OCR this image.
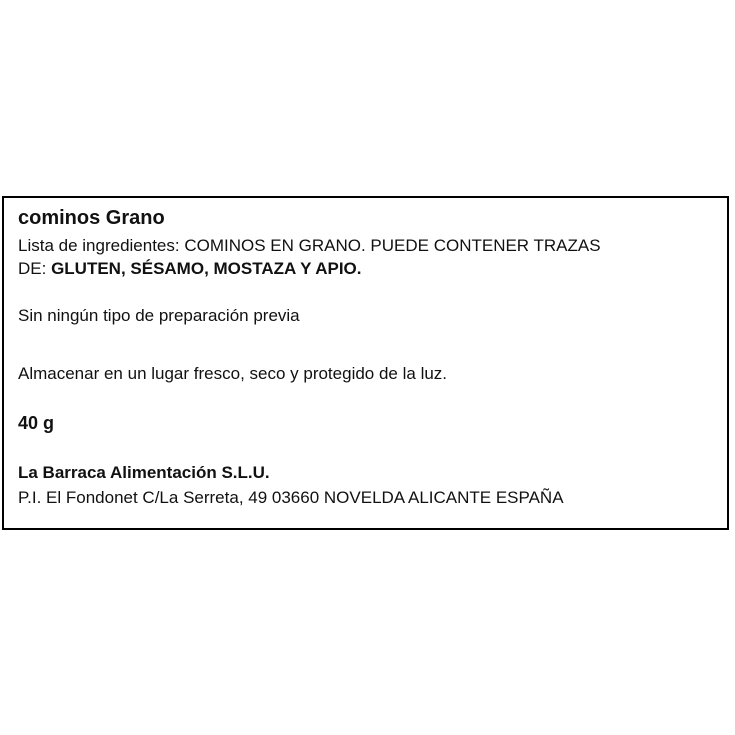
cominos Grano
Lista de ingredientes: COMINOS EN GRANO. PUEDE CONTENER TRAZAS
DE: GLUTEN, SÉSAMO, MOSTAZA Y APIO.
Sin ningún tipo de preparación previa
Almacenar en un lugar fresco, seco y protegido de la luz.
40 g
La Barraca Alimentación S.L.U.
P.I. El Fondonet C/La Serreta, 49 03660 NOVELDA ALICANTE ESPAÑA
